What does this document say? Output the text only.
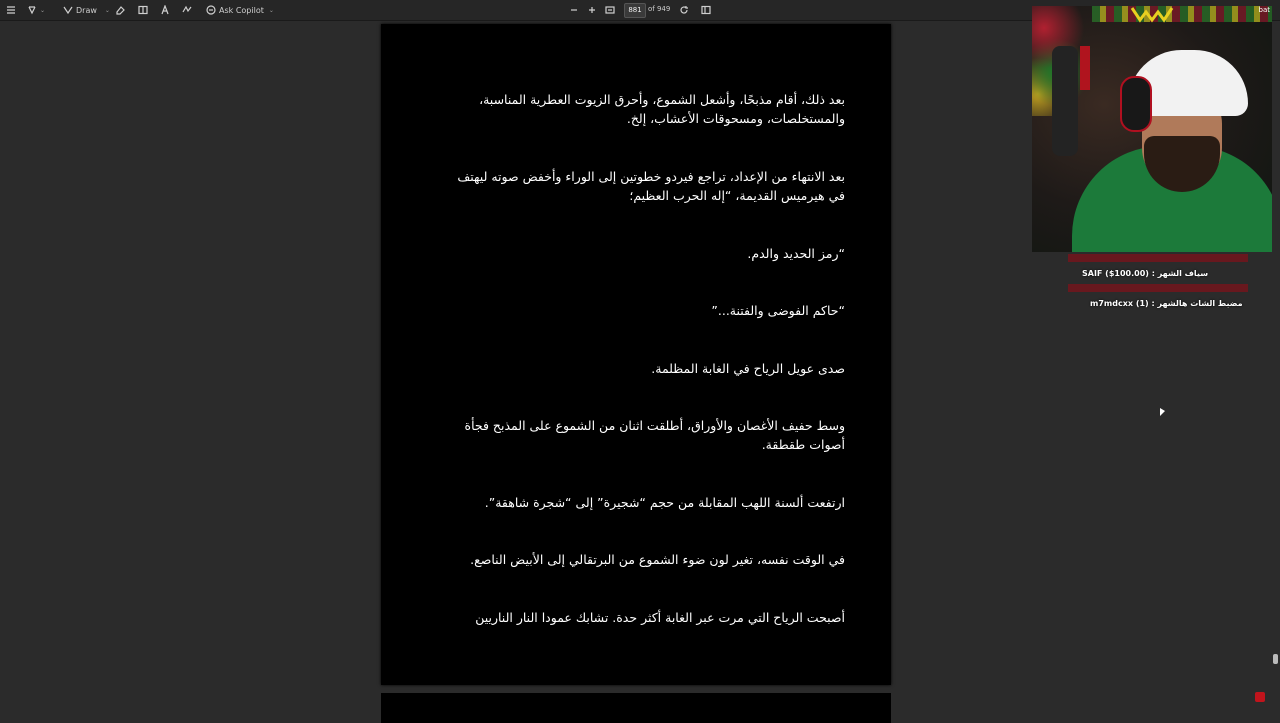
⌄	Draw ⌄	Ask Copilot ⌄	881 of 949

بعد ذلك، أقام مذبحًا، وأشعل الشموع، وأحرق الزيوت العطرية المناسبة، والمستخلصات، ومسحوقات الأعشاب، إلخ.

بعد الانتهاء من الإعداد، تراجع فيردو خطوتين إلى الوراء وأخفض صوته ليهتف في هيرميس القديمة، “إله الحرب العظيم؛

“رمز الحديد والدم.

“حاكم الفوضى والفتنة...”

صدى عويل الرياح في الغابة المظلمة.

وسط حفيف الأغصان والأوراق، أطلقت اثنان من الشموع على المذبح فجأة أصوات طقطقة.

ارتفعت ألسنة اللهب المقابلة من حجم “شجيرة” إلى “شجرة شاهقة”.

في الوقت نفسه، تغير لون ضوء الشموع من البرتقالي إلى الأبيض الناصع.

أصبحت الرياح التي مرت عبر الغابة أكثر حدة. تشابك عمودا النار الناريين

bat
SAIF ($100.00) : سياف الشهر
m7mdcxx (1) : مضبط الشات هالشهر
